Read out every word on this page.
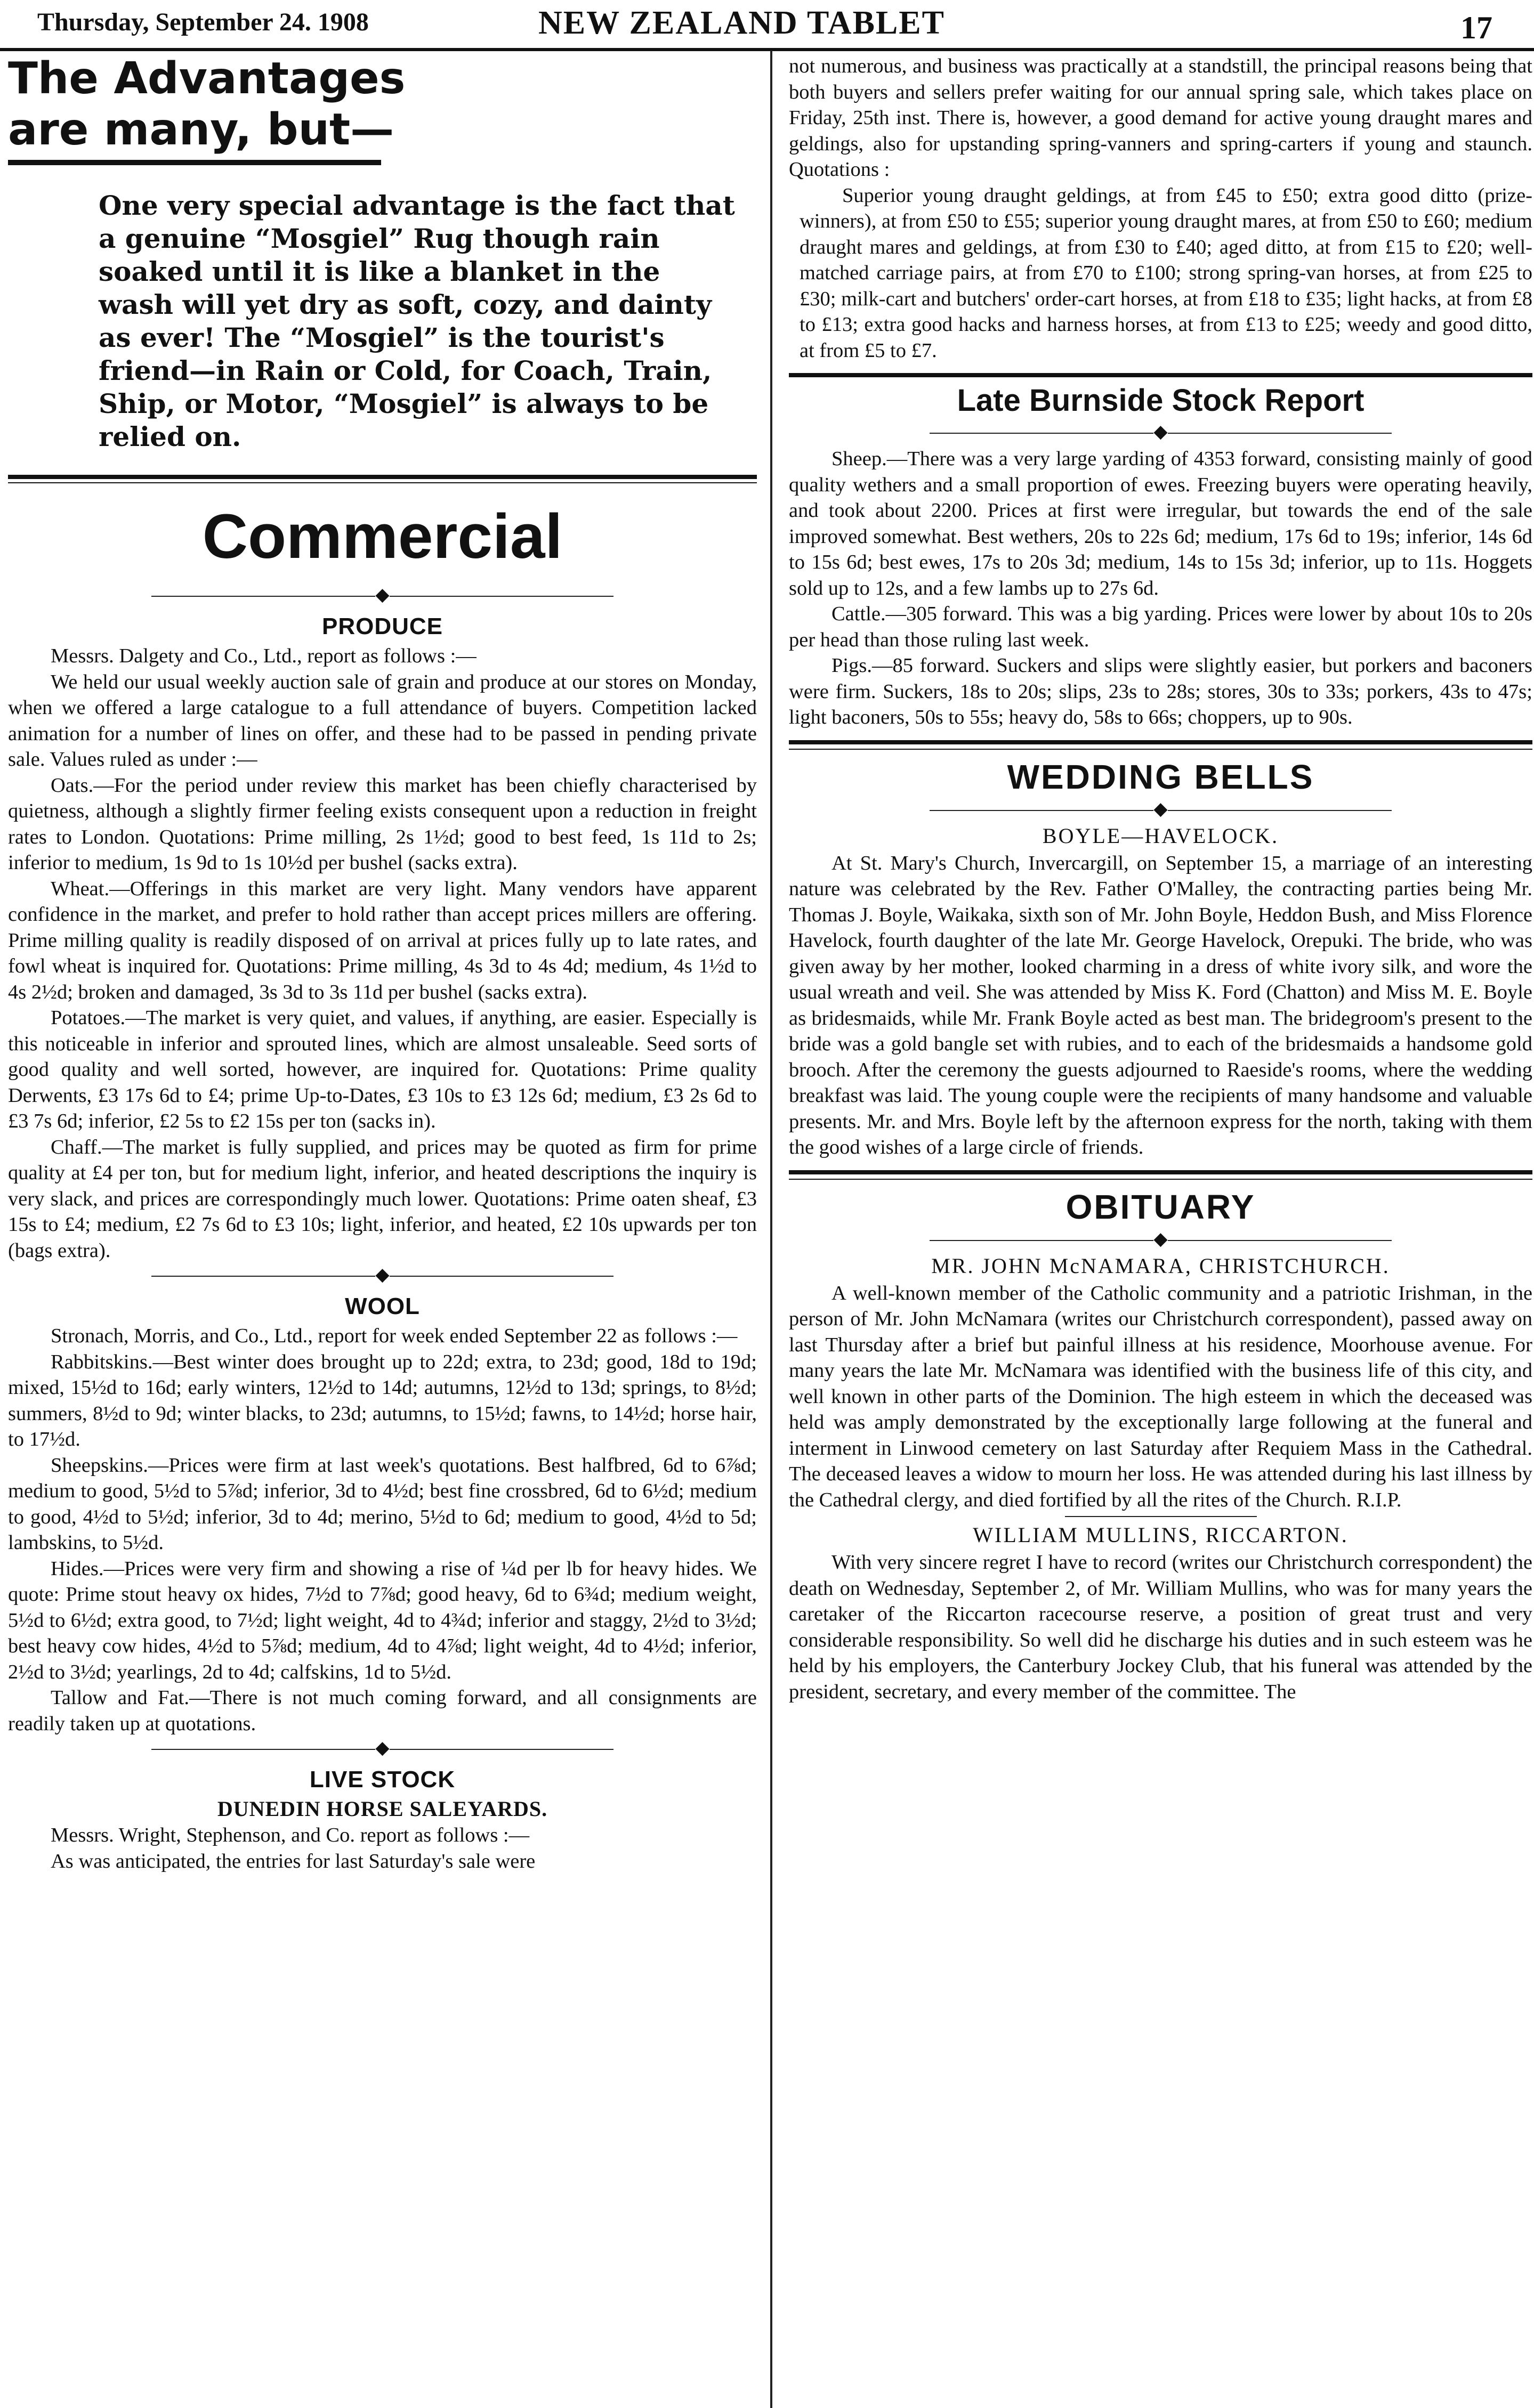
Thursday, September 24. 1908	NEW ZEALAND TABLET	17
The Advantages
are many, but—

One very special advantage is the fact that a genuine “Mosgiel” Rug though rain soaked until it is like a blanket in the wash will yet dry as soft, cozy, and dainty as ever! The “Mosgiel” is the tourist's friend—in Rain or Cold, for Coach, Train, Ship, or Motor, “Mosgiel” is always to be relied on.

Commercial
◆
PRODUCE

Messrs. Dalgety and Co., Ltd., report as follows :—

We held our usual weekly auction sale of grain and produce at our stores on Monday, when we offered a large catalogue to a full attendance of buyers. Competition lacked animation for a number of lines on offer, and these had to be passed in pending private sale. Values ruled as under :—

Oats.—For the period under review this market has been chiefly characterised by quietness, although a slightly firmer feeling exists consequent upon a reduction in freight rates to London. Quotations: Prime milling, 2s 1½d; good to best feed, 1s 11d to 2s; inferior to medium, 1s 9d to 1s 10½d per bushel (sacks extra).

Wheat.—Offerings in this market are very light. Many vendors have apparent confidence in the market, and prefer to hold rather than accept prices millers are offering. Prime milling quality is readily disposed of on arrival at prices fully up to late rates, and fowl wheat is inquired for. Quotations: Prime milling, 4s 3d to 4s 4d; medium, 4s 1½d to 4s 2½d; broken and damaged, 3s 3d to 3s 11d per bushel (sacks extra).

Potatoes.—The market is very quiet, and values, if anything, are easier. Especially is this noticeable in inferior and sprouted lines, which are almost unsaleable. Seed sorts of good quality and well sorted, however, are inquired for. Quotations: Prime quality Derwents, £3 17s 6d to £4; prime Up-to-Dates, £3 10s to £3 12s 6d; medium, £3 2s 6d to £3 7s 6d; inferior, £2 5s to £2 15s per ton (sacks in).

Chaff.—The market is fully supplied, and prices may be quoted as firm for prime quality at £4 per ton, but for medium light, inferior, and heated descriptions the inquiry is very slack, and prices are correspondingly much lower. Quotations: Prime oaten sheaf, £3 15s to £4; medium, £2 7s 6d to £3 10s; light, inferior, and heated, £2 10s upwards per ton (bags extra).

◆
WOOL

Stronach, Morris, and Co., Ltd., report for week ended September 22 as follows :—

Rabbitskins.—Best winter does brought up to 22d; extra, to 23d; good, 18d to 19d; mixed, 15½d to 16d; early winters, 12½d to 14d; autumns, 12½d to 13d; springs, to 8½d; summers, 8½d to 9d; winter blacks, to 23d; autumns, to 15½d; fawns, to 14½d; horse hair, to 17½d.

Sheepskins.—Prices were firm at last week's quotations. Best halfbred, 6d to 6⅞d; medium to good, 5½d to 5⅞d; inferior, 3d to 4½d; best fine crossbred, 6d to 6½d; medium to good, 4½d to 5½d; inferior, 3d to 4d; merino, 5½d to 6d; medium to good, 4½d to 5d; lambskins, to 5½d.

Hides.—Prices were very firm and showing a rise of ¼d per lb for heavy hides. We quote: Prime stout heavy ox hides, 7½d to 7⅞d; good heavy, 6d to 6¾d; medium weight, 5½d to 6½d; extra good, to 7½d; light weight, 4d to 4¾d; inferior and staggy, 2½d to 3½d; best heavy cow hides, 4½d to 5⅞d; medium, 4d to 4⅞d; light weight, 4d to 4½d; inferior, 2½d to 3½d; yearlings, 2d to 4d; calfskins, 1d to 5½d.

Tallow and Fat.—There is not much coming forward, and all consignments are readily taken up at quotations.

◆
LIVE STOCK
DUNEDIN HORSE SALEYARDS.

Messrs. Wright, Stephenson, and Co. report as follows :—

As was anticipated, the entries for last Saturday's sale were

not numerous, and business was practically at a standstill, the principal reasons being that both buyers and sellers prefer waiting for our annual spring sale, which takes place on Friday, 25th inst. There is, however, a good demand for active young draught mares and geldings, also for upstanding spring-vanners and spring-carters if young and staunch. Quotations :

Superior young draught geldings, at from £45 to £50; extra good ditto (prize-winners), at from £50 to £55; superior young draught mares, at from £50 to £60; medium draught mares and geldings, at from £30 to £40; aged ditto, at from £15 to £20; well-matched carriage pairs, at from £70 to £100; strong spring-van horses, at from £25 to £30; milk-cart and butchers' order-cart horses, at from £18 to £35; light hacks, at from £8 to £13; extra good hacks and harness horses, at from £13 to £25; weedy and good ditto, at from £5 to £7.

Late Burnside Stock Report
◆

Sheep.—There was a very large yarding of 4353 forward, consisting mainly of good quality wethers and a small proportion of ewes. Freezing buyers were operating heavily, and took about 2200. Prices at first were irregular, but towards the end of the sale improved somewhat. Best wethers, 20s to 22s 6d; medium, 17s 6d to 19s; inferior, 14s 6d to 15s 6d; best ewes, 17s to 20s 3d; medium, 14s to 15s 3d; inferior, up to 11s. Hoggets sold up to 12s, and a few lambs up to 27s 6d.

Cattle.—305 forward. This was a big yarding. Prices were lower by about 10s to 20s per head than those ruling last week.

Pigs.—85 forward. Suckers and slips were slightly easier, but porkers and baconers were firm. Suckers, 18s to 20s; slips, 23s to 28s; stores, 30s to 33s; porkers, 43s to 47s; light baconers, 50s to 55s; heavy do, 58s to 66s; choppers, up to 90s.

WEDDING BELLS
◆
BOYLE—HAVELOCK.

At St. Mary's Church, Invercargill, on September 15, a marriage of an interesting nature was celebrated by the Rev. Father O'Malley, the contracting parties being Mr. Thomas J. Boyle, Waikaka, sixth son of Mr. John Boyle, Heddon Bush, and Miss Florence Havelock, fourth daughter of the late Mr. George Havelock, Orepuki. The bride, who was given away by her mother, looked charming in a dress of white ivory silk, and wore the usual wreath and veil. She was attended by Miss K. Ford (Chatton) and Miss M. E. Boyle as bridesmaids, while Mr. Frank Boyle acted as best man. The bridegroom's present to the bride was a gold bangle set with rubies, and to each of the bridesmaids a handsome gold brooch. After the ceremony the guests adjourned to Raeside's rooms, where the wedding breakfast was laid. The young couple were the recipients of many handsome and valuable presents. Mr. and Mrs. Boyle left by the afternoon express for the north, taking with them the good wishes of a large circle of friends.

OBITUARY
◆
MR. JOHN McNAMARA, CHRISTCHURCH.

A well-known member of the Catholic community and a patriotic Irishman, in the person of Mr. John McNamara (writes our Christchurch correspondent), passed away on last Thursday after a brief but painful illness at his residence, Moorhouse avenue. For many years the late Mr. McNamara was identified with the business life of this city, and well known in other parts of the Dominion. The high esteem in which the deceased was held was amply demonstrated by the exceptionally large following at the funeral and interment in Linwood cemetery on last Saturday after Requiem Mass in the Cathedral. The deceased leaves a widow to mourn her loss. He was attended during his last illness by the Cathedral clergy, and died fortified by all the rites of the Church. R.I.P.

WILLIAM MULLINS, RICCARTON.

With very sincere regret I have to record (writes our Christchurch correspondent) the death on Wednesday, September 2, of Mr. William Mullins, who was for many years the caretaker of the Riccarton racecourse reserve, a position of great trust and very considerable responsibility. So well did he discharge his duties and in such esteem was he held by his employers, the Canterbury Jockey Club, that his funeral was attended by the president, secretary, and every member of the committee. The
